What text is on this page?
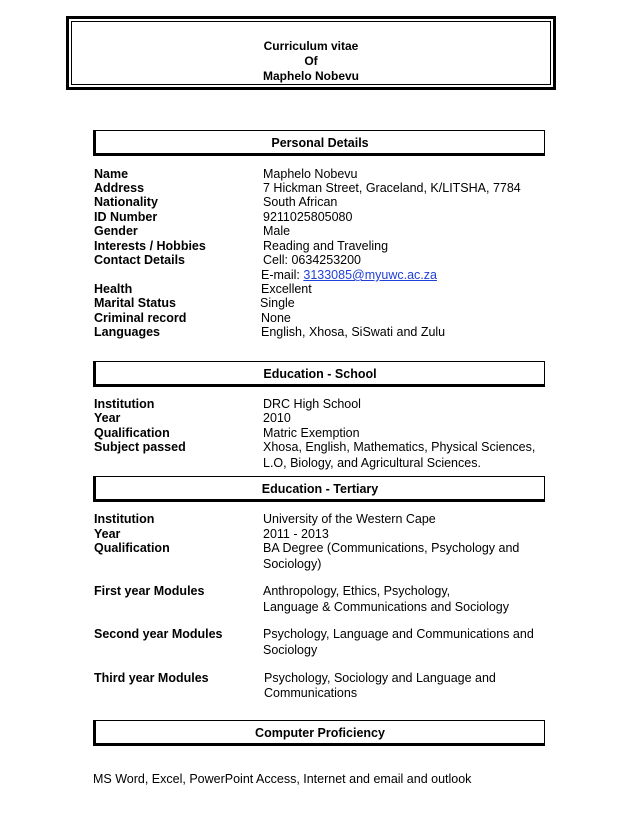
Curriculum vitae
Of
Maphelo Nobevu
Personal Details
Name	Maphelo Nobevu
Address	7 Hickman Street, Graceland, K/LITSHA, 7784
Nationality	South African
ID Number	9211025805080
Gender	Male
Interests / Hobbies	Reading and Traveling
Contact Details	Cell: 0634253200
E-mail: 3133085@myuwc.ac.za
Health	Excellent
Marital Status	Single
Criminal record	None
Languages	English, Xhosa, SiSwati and Zulu
Education - School
Institution	DRC High School
Year	2010
Qualification	Matric Exemption
Subject passed	Xhosa, English, Mathematics, Physical Sciences,
L.O, Biology, and Agricultural Sciences.
Education - Tertiary
Institution	University of the Western Cape
Year	2011 - 2013
Qualification	BA Degree (Communications, Psychology and
Sociology)
First year Modules	Anthropology, Ethics, Psychology,
Language & Communications and Sociology
Second year Modules	Psychology, Language and Communications and
Sociology
Third year Modules	Psychology, Sociology and Language and
Communications
Computer Proficiency
MS Word, Excel, PowerPoint Access, Internet and email and outlook
